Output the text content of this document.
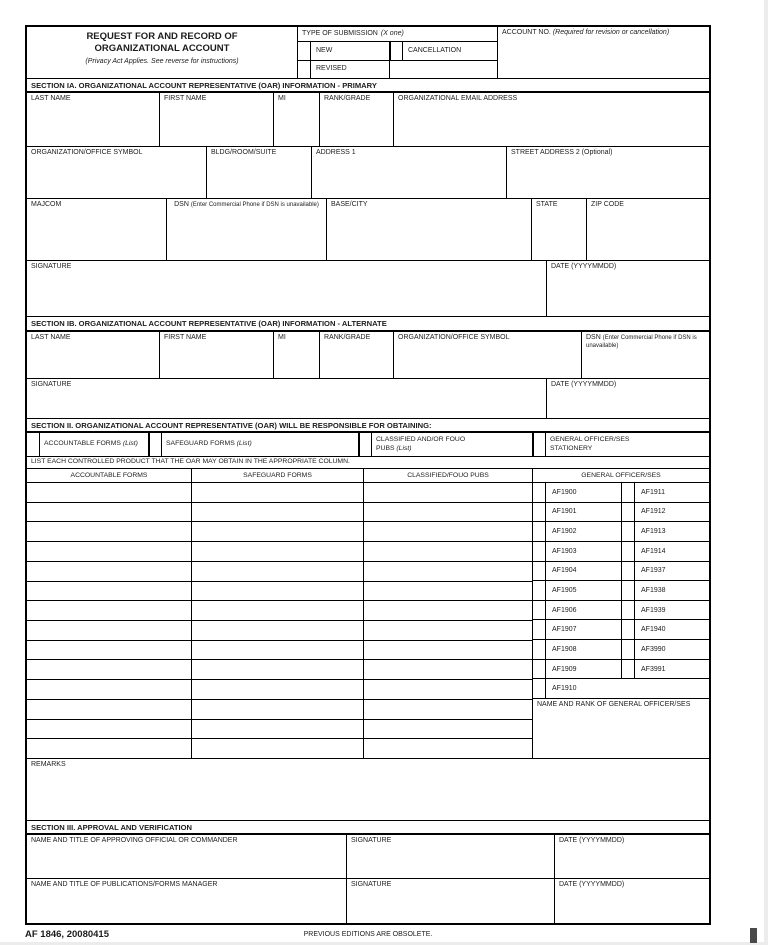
REQUEST FOR AND RECORD OF
ORGANIZATIONAL ACCOUNT
(Privacy Act Applies. See reverse for instructions)
TYPE OF SUBMISSION (X one)
NEW	CANCELLATION
REVISED
ACCOUNT NO. (Required for revision or cancellation)
SECTION IA. ORGANIZATIONAL ACCOUNT REPRESENTATIVE (OAR) INFORMATION - PRIMARY
LAST NAME	FIRST NAME	MI	RANK/GRADE	ORGANIZATIONAL EMAIL ADDRESS
ORGANIZATION/OFFICE SYMBOL	BLDG/ROOM/SUITE	ADDRESS 1	STREET ADDRESS 2 (Optional)
MAJCOM	DSN (Enter Commercial Phone if DSN is unavailable)	BASE/CITY	STATE	ZIP CODE
SIGNATURE	DATE (YYYYMMDD)
SECTION IB. ORGANIZATIONAL ACCOUNT REPRESENTATIVE (OAR) INFORMATION - ALTERNATE
LAST NAME	FIRST NAME	MI	RANK/GRADE	ORGANIZATION/OFFICE SYMBOL	DSN (Enter Commercial Phone if DSN is unavailable)
SIGNATURE	DATE (YYYYMMDD)
SECTION II. ORGANIZATIONAL ACCOUNT REPRESENTATIVE (OAR) WILL BE RESPONSIBLE FOR OBTAINING:
ACCOUNTABLE FORMS (List)	SAFEGUARD FORMS (List)
CLASSIFIED AND/OR FOUO PUBS (List)
GENERAL OFFICER/SES STATIONERY
LIST EACH CONTROLLED PRODUCT THAT THE OAR MAY OBTAIN IN THE APPROPRIATE COLUMN.
ACCOUNTABLE FORMS	SAFEGUARD FORMS	CLASSIFIED/FOUO PUBS	GENERAL OFFICER/SES
AF1900	AF1911
AF1901	AF1912
AF1902	AF1913
AF1903	AF1914
AF1904	AF1937
AF1905	AF1938
AF1906	AF1939
AF1907	AF1940
AF1908	AF3990
AF1909	AF3991
AF1910
NAME AND RANK OF GENERAL OFFICER/SES
REMARKS
SECTION III. APPROVAL AND VERIFICATION
NAME AND TITLE OF APPROVING OFFICIAL OR COMMANDER	SIGNATURE	DATE (YYYYMMDD)
NAME AND TITLE OF PUBLICATIONS/FORMS MANAGER	SIGNATURE	DATE (YYYYMMDD)
PREVIOUS EDITIONS ARE OBSOLETE.
AF 1846, 20080415
